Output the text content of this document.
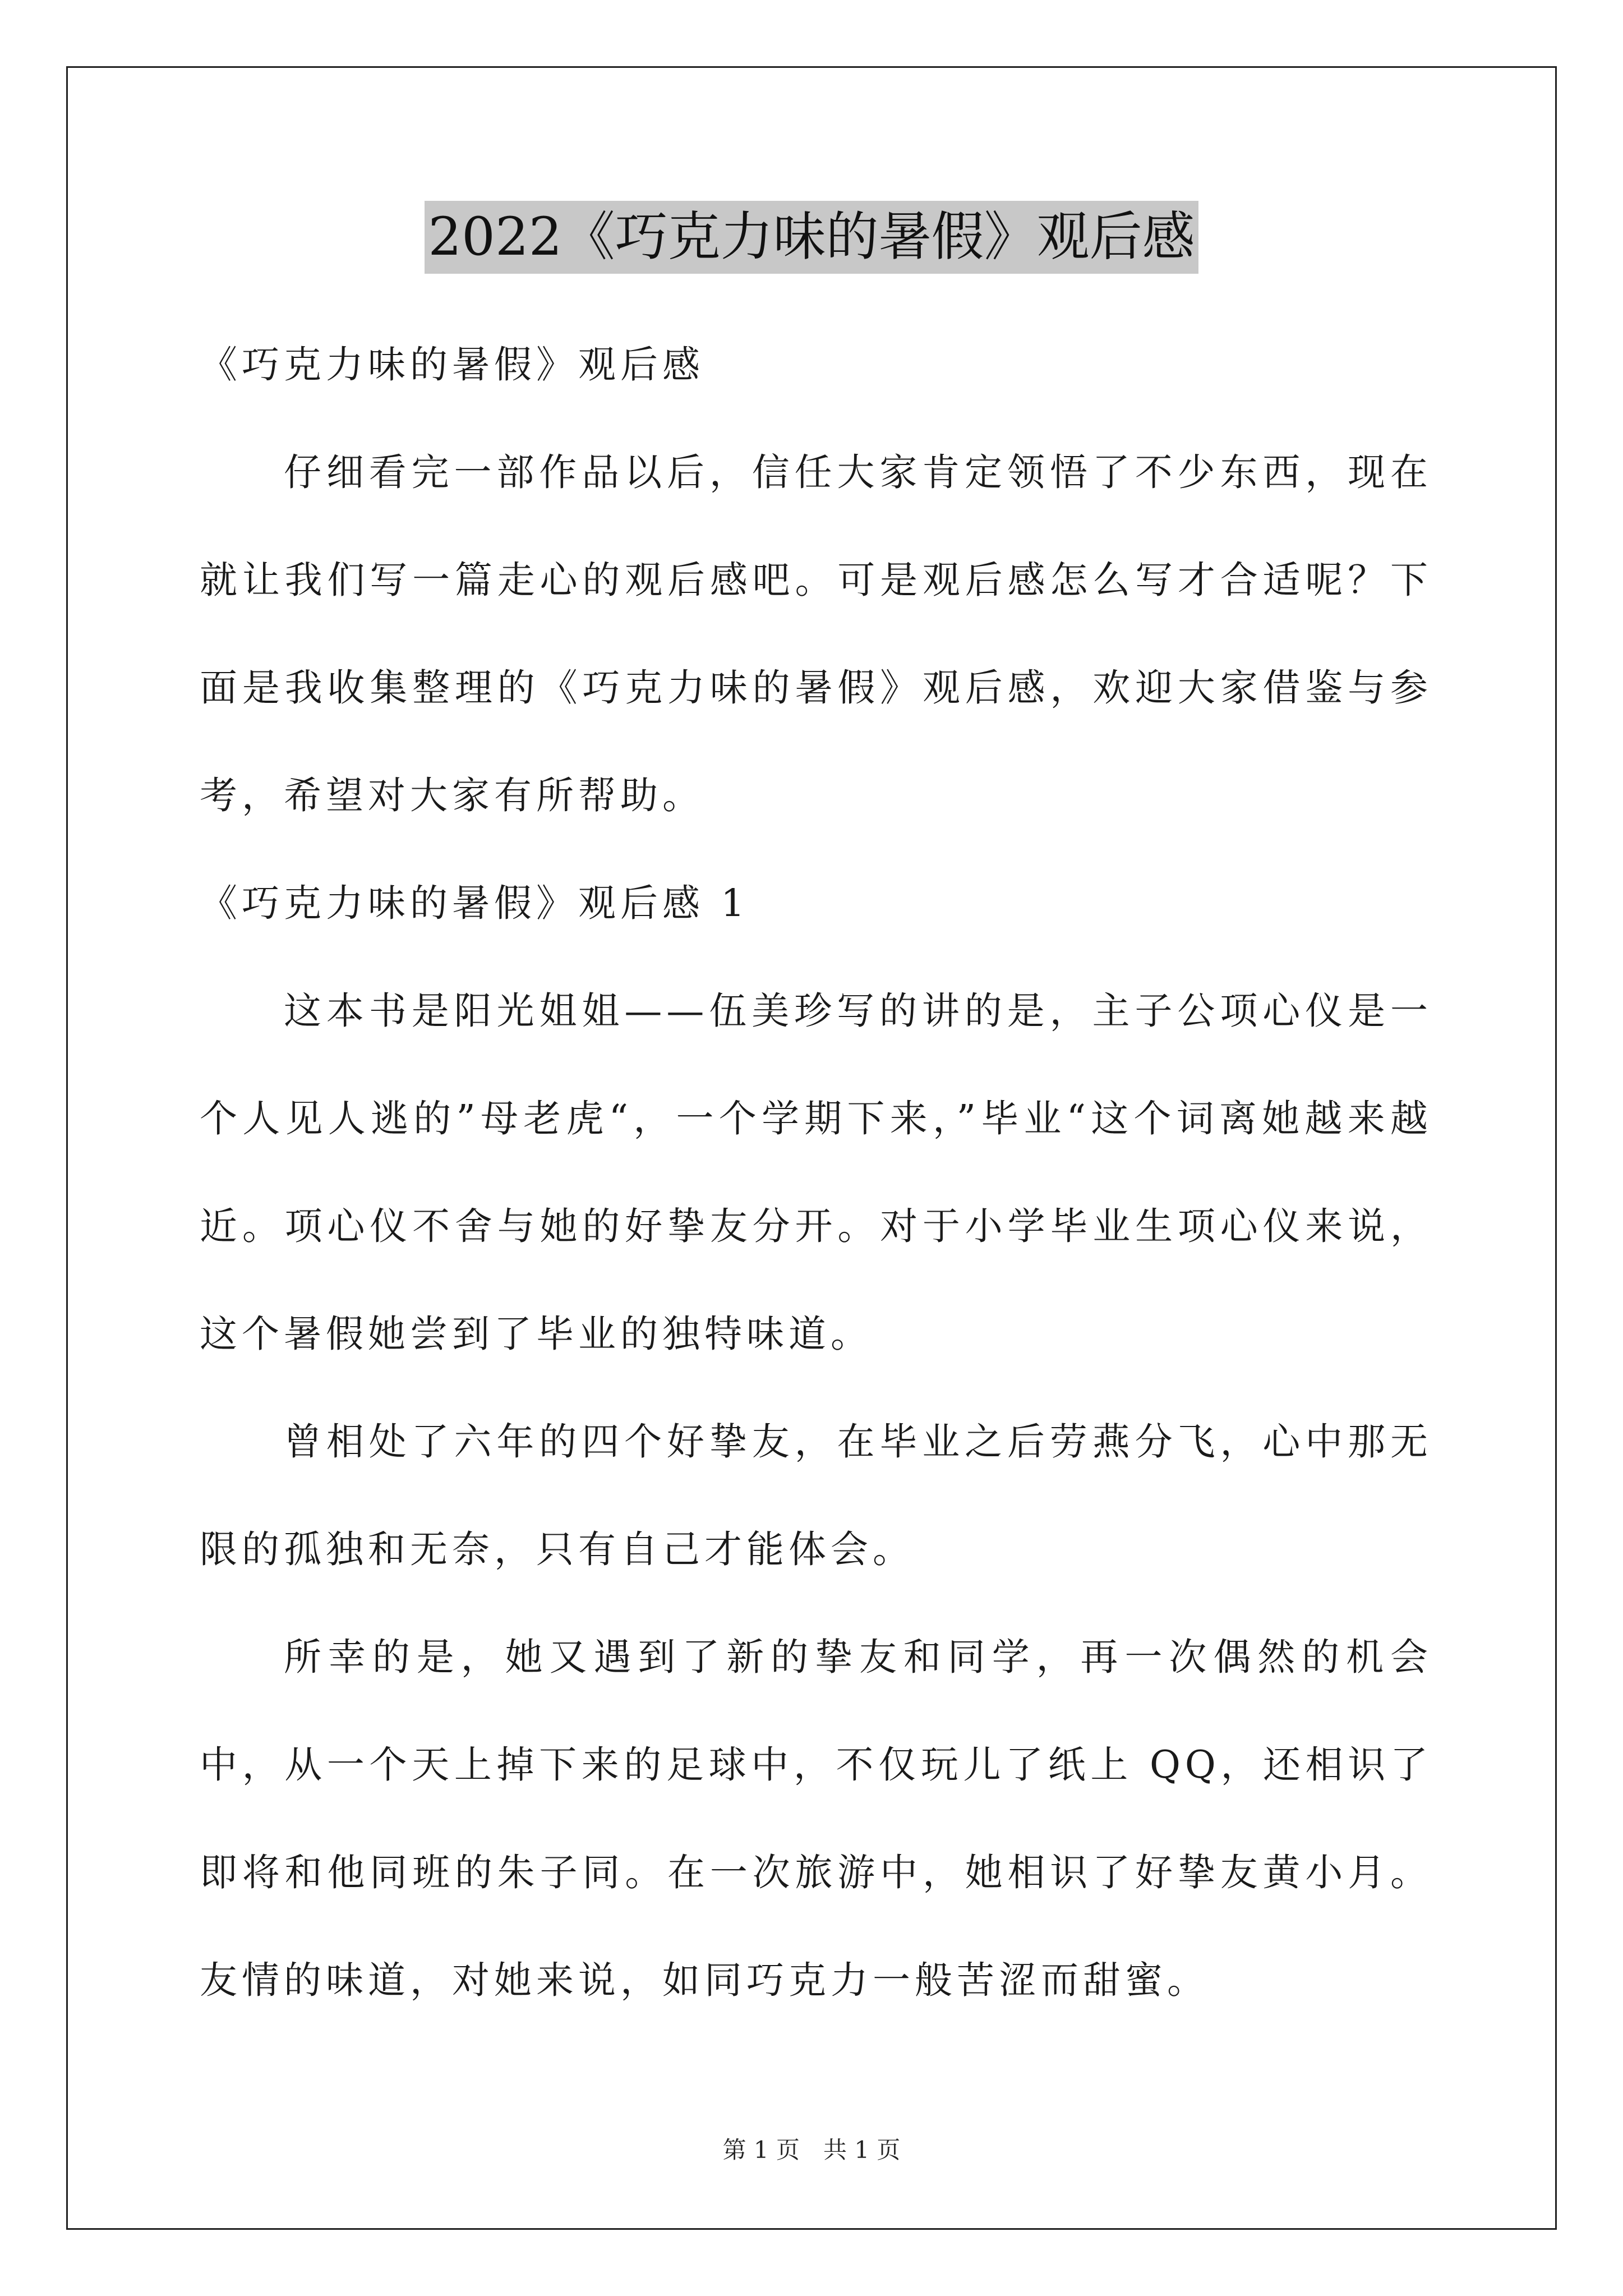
2022《巧克力味的暑假》观后感

《巧克力味的暑假》观后感

仔细看完一部作品以后，信任大家肯定领悟了不少东西，现在就让我们写一篇走心的观后感吧。可是观后感怎么写才合适呢？下面是我收集整理的《巧克力味的暑假》观后感，欢迎大家借鉴与参考，希望对大家有所帮助。

《巧克力味的暑假》观后感 1

这本书是阳光姐姐——伍美珍写的讲的是，主子公项心仪是一个人见人逃的”母老虎“，一个学期下来，”毕业“这个词离她越来越近。项心仪不舍与她的好挚友分开。对于小学毕业生项心仪来说，这个暑假她尝到了毕业的独特味道。

曾相处了六年的四个好挚友，在毕业之后劳燕分飞，心中那无限的孤独和无奈，只有自己才能体会。

所幸的是，她又遇到了新的挚友和同学，再一次偶然的机会中，从一个天上掉下来的足球中，不仅玩儿了纸上 QQ，还相识了即将和他同班的朱子同。在一次旅游中，她相识了好挚友黄小月。友情的味道，对她来说，如同巧克力一般苦涩而甜蜜。

第 1 页　共 1 页
